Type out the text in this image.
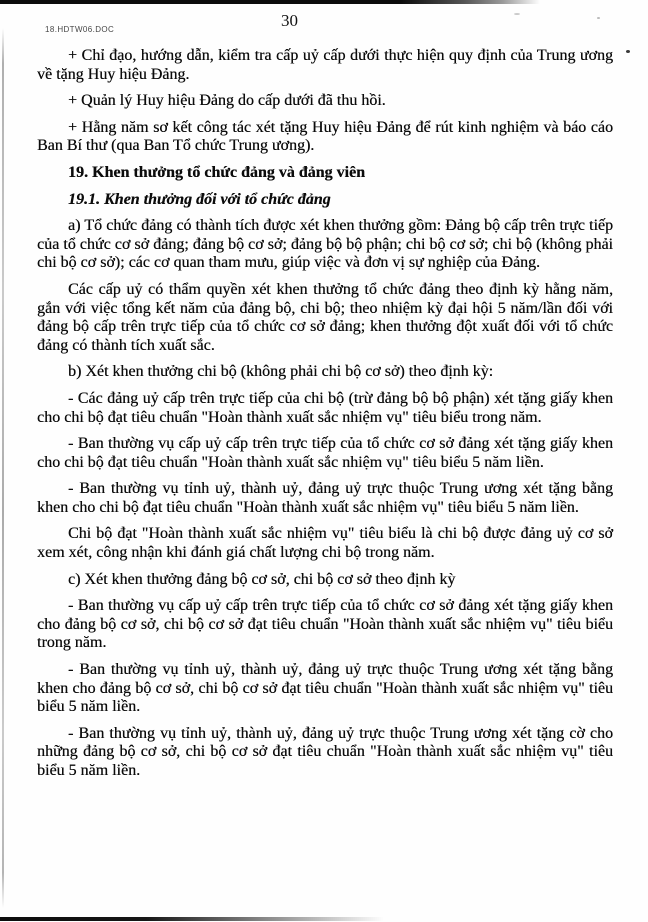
18.HDTW06.DOC	30

+ Chỉ đạo, hướng dẫn, kiểm tra cấp uỷ cấp dưới thực hiện quy định của Trung ương về tặng Huy hiệu Đảng.

+ Quản lý Huy hiệu Đảng do cấp dưới đã thu hồi.

+ Hằng năm sơ kết công tác xét tặng Huy hiệu Đảng để rút kinh nghiệm và báo cáo Ban Bí thư (qua Ban Tổ chức Trung ương).

19. Khen thưởng tổ chức đảng và đảng viên

19.1. Khen thưởng đối với tổ chức đảng

a) Tổ chức đảng có thành tích được xét khen thưởng gồm: Đảng bộ cấp trên trực tiếp của tổ chức cơ sở đảng; đảng bộ cơ sở; đảng bộ bộ phận; chi bộ cơ sở; chi bộ (không phải chi bộ cơ sở); các cơ quan tham mưu, giúp việc và đơn vị sự nghiệp của Đảng.

Các cấp uỷ có thẩm quyền xét khen thưởng tổ chức đảng theo định kỳ hằng năm, gắn với việc tổng kết năm của đảng bộ, chi bộ; theo nhiệm kỳ đại hội 5 năm/lần đối với đảng bộ cấp trên trực tiếp của tổ chức cơ sở đảng; khen thưởng đột xuất đối với tổ chức đảng có thành tích xuất sắc.

b) Xét khen thưởng chi bộ (không phải chi bộ cơ sở) theo định kỳ:

- Các đảng uỷ cấp trên trực tiếp của chi bộ (trừ đảng bộ bộ phận) xét tặng giấy khen cho chi bộ đạt tiêu chuẩn "Hoàn thành xuất sắc nhiệm vụ" tiêu biểu trong năm.

- Ban thường vụ cấp uỷ cấp trên trực tiếp của tổ chức cơ sở đảng xét tặng giấy khen cho chi bộ đạt tiêu chuẩn "Hoàn thành xuất sắc nhiệm vụ" tiêu biểu 5 năm liền.

- Ban thường vụ tỉnh uỷ, thành uỷ, đảng uỷ trực thuộc Trung ương xét tặng bằng khen cho chi bộ đạt tiêu chuẩn "Hoàn thành xuất sắc nhiệm vụ" tiêu biểu 5 năm liền.

Chi bộ đạt "Hoàn thành xuất sắc nhiệm vụ" tiêu biểu là chi bộ được đảng uỷ cơ sở xem xét, công nhận khi đánh giá chất lượng chi bộ trong năm.

c) Xét khen thưởng đảng bộ cơ sở, chi bộ cơ sở theo định kỳ

- Ban thường vụ cấp uỷ cấp trên trực tiếp của tổ chức cơ sở đảng xét tặng giấy khen cho đảng bộ cơ sở, chi bộ cơ sở đạt tiêu chuẩn "Hoàn thành xuất sắc nhiệm vụ" tiêu biểu trong năm.

- Ban thường vụ tỉnh uỷ, thành uỷ, đảng uỷ trực thuộc Trung ương xét tặng bằng khen cho đảng bộ cơ sở, chi bộ cơ sở đạt tiêu chuẩn "Hoàn thành xuất sắc nhiệm vụ" tiêu biểu 5 năm liền.

- Ban thường vụ tỉnh uỷ, thành uỷ, đảng uỷ trực thuộc Trung ương xét tặng cờ cho những đảng bộ cơ sở, chi bộ cơ sở đạt tiêu chuẩn "Hoàn thành xuất sắc nhiệm vụ" tiêu biểu 5 năm liền.
